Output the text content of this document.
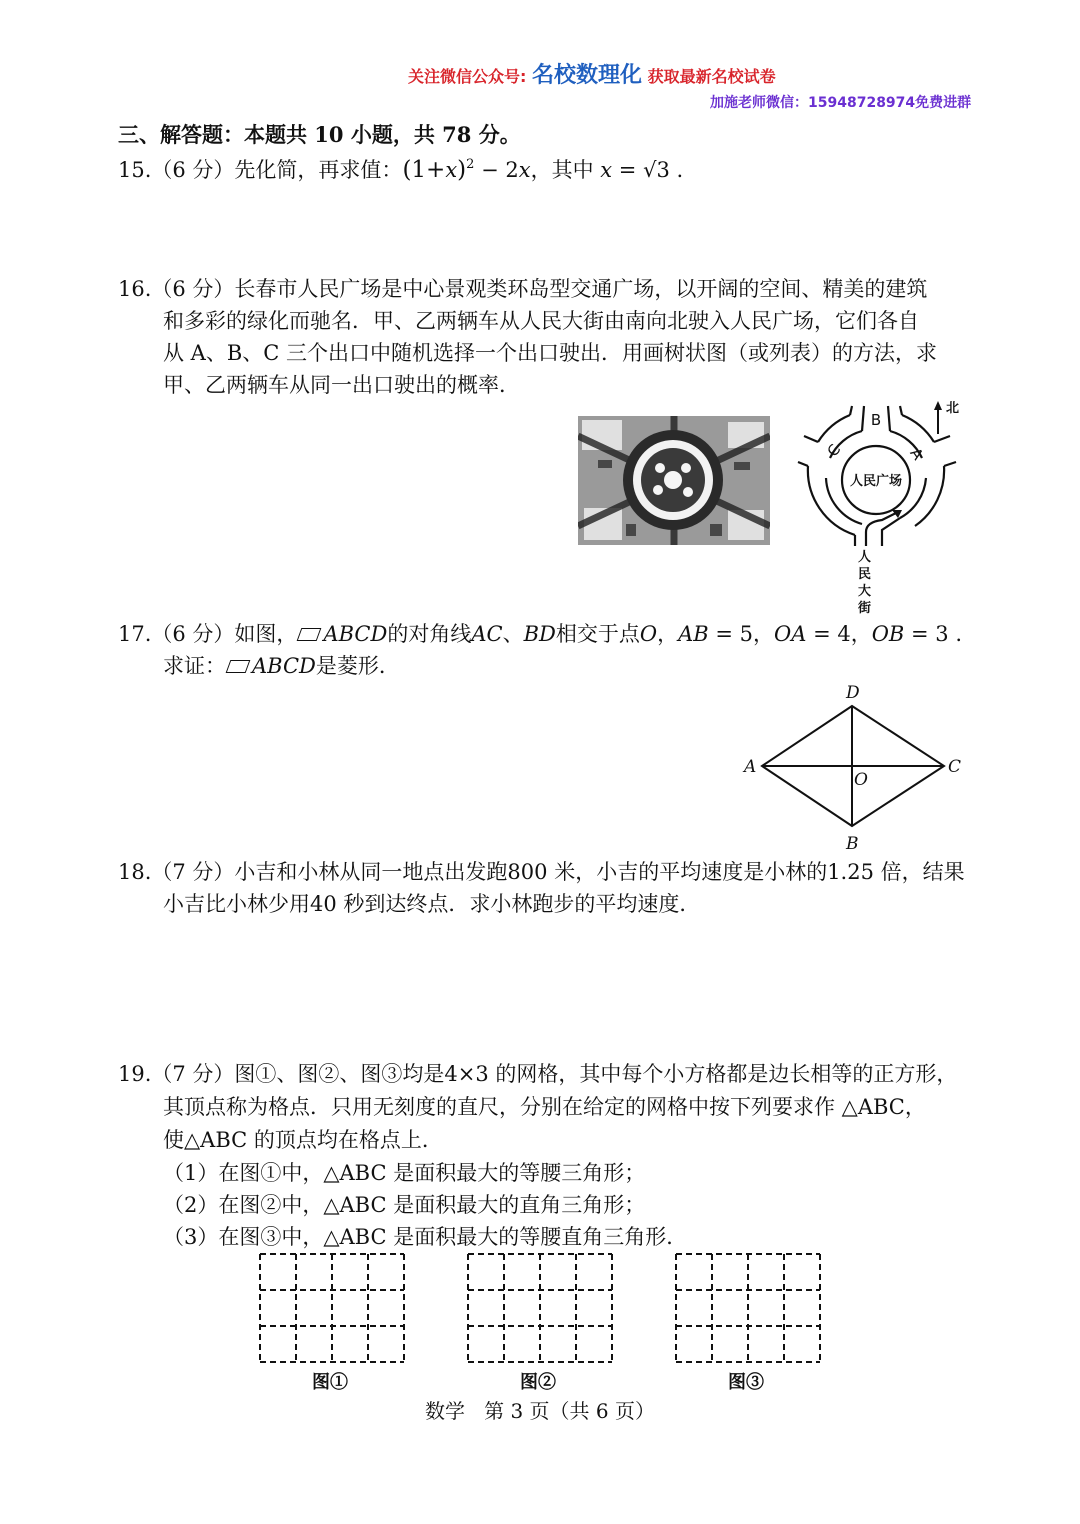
关注微信公众号: 名校数理化 获取最新名校试卷
加施老师微信：15948728974免费进群
三、解答题：本题共 10 小题，共 78 分。
15.（6 分）先化简，再求值：$(1+x)^2 - 2x$，其中 x = √3 .
16.（6 分）长春市人民广场是中心景观类环岛型交通广场，以开阔的空间、精美的建筑
和多彩的绿化而驰名．甲、乙两辆车从人民大街由南向北驶入人民广场，它们各自
从 A、B、C 三个出口中随机选择一个出口驶出．用画树状图（或列表）的方法，求
甲、乙两辆车从同一出口驶出的概率．
人民广场
B
A
C
北
人
民
大
街
17.（6 分）如图， ABCD的对角线AC、BD相交于点O，AB = 5，OA = 4，OB = 3 .
求证： ABCD是菱形．
A
D
C
B
O
18.（7 分）小吉和小林从同一地点出发跑800 米，小吉的平均速度是小林的1.25 倍，结果
小吉比小林少用40 秒到达终点．求小林跑步的平均速度．
19.（7 分）图①、图②、图③均是4×3 的网格，其中每个小方格都是边长相等的正方形，
其顶点称为格点．只用无刻度的直尺，分别在给定的网格中按下列要求作 △ABC，
使△ABC 的顶点均在格点上．
（1）在图①中，△ABC 是面积最大的等腰三角形；
（2）在图②中，△ABC 是面积最大的直角三角形；
（3）在图③中，△ABC 是面积最大的等腰直角三角形．
图①	图②	图③
数学   第 3 页（共 6 页）
